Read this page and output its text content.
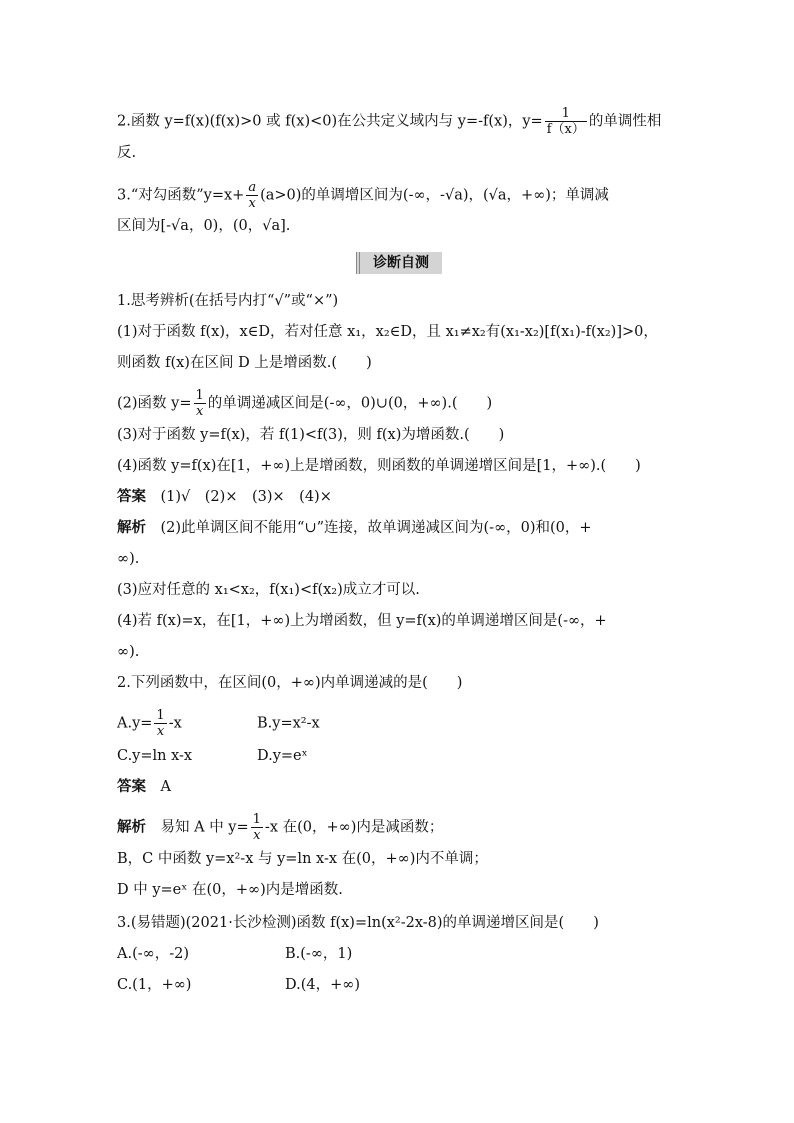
2.函数 y=f(x)(f(x)>0 或 f(x)<0)在公共定义域内与 y=-f(x)，$y= \frac{1}{f(x)}$ 的单调性相
反.
3.“对勾函数”y=x+ $\frac{a}{x} (a>0)$的单调增区间为(-∞，-√a)，(√a，+∞)；单调减
区间为[-√a，0)，(0，√a].
诊断自测
1.思考辨析(在括号内打“√”或“×”)
(1)对于函数 f(x)，x∈D，若对任意 x₁，x₂∈D，且 x₁≠x₂有(x₁-x₂)[f(x₁)-f(x₂)]>0，
则函数 f(x)在区间 D 上是增函数.(　　)
(2)函数 $y= \frac{1}{x}$ 的单调递减区间是(-∞，0)∪(0，+∞).(　　)
(3)对于函数 y=f(x)，若 f(1)<f(3)，则 f(x)为增函数.(　　)
(4)函数 y=f(x)在[1，+∞)上是增函数，则函数的单调递增区间是[1，+∞).(　　)
答案　 (1)√　(2)×　(3)×　(4)×
解析　 (2)此单调区间不能用“∪”连接，故单调递减区间为(-∞，0)和(0，+
∞).
(3)应对任意的 x₁<x₂，f(x₁)<f(x₂)成立才可以.
(4)若 f(x)=x，在[1，+∞)上为增函数，但 y=f(x)的单调递增区间是(-∞，+
∞).
2.下列函数中，在区间(0，+∞)内单调递减的是(　　)
$A.y= \frac{1}{x} -x$	B.y=x²-x
C.y=ln x-x	D.y=eˣ
答案　 A
解析　 易知 A 中 $y= \frac{1}{x} -x$ 在(0，+∞)内是减函数；
B，C 中函数 y=x²-x 与 y=ln x-x 在(0，+∞)内不单调；
D 中 y=eˣ 在(0，+∞)内是增函数.
3.(易错题)(2021·长沙检测)函数 f(x)=ln(x²-2x-8)的单调递增区间是(　　)
A.(-∞，-2)	B.(-∞，1)
C.(1，+∞)	D.(4，+∞)
